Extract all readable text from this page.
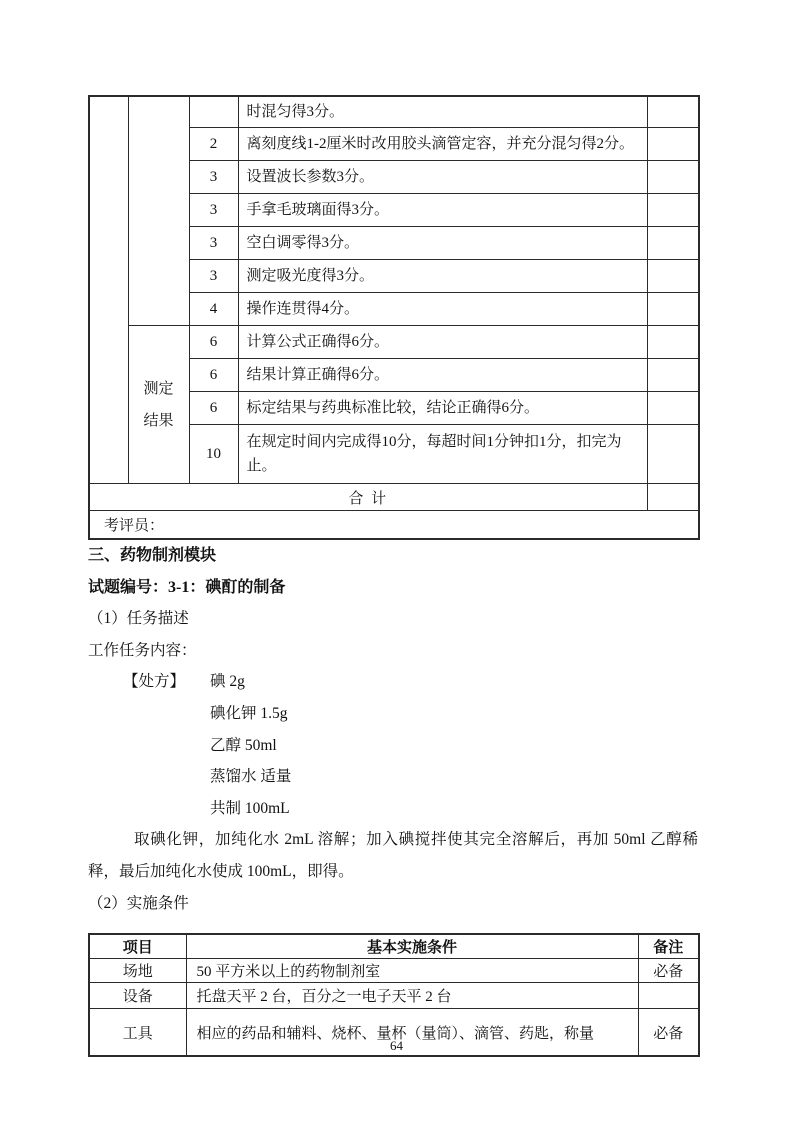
			时混匀得3分。	
		2	离刻度线1-2厘米时改用胶头滴管定容，并充分混匀得2分。	
		3	设置波长参数3分。	
		3	手拿毛玻璃面得3分。	
		3	空白调零得3分。	
		3	测定吸光度得3分。	
		4	操作连贯得4分。	
	测定结果	6	计算公式正确得6分。	
		6	结果计算正确得6分。	
		6	标定结果与药典标准比较，结论正确得6分。	
		10	在规定时间内完成得10分，每超时间1分钟扣1分，扣完为止。	
合 计				
考评员：				

三、药物制剂模块

试题编号：3-1：碘酊的制备

（1）任务描述

工作任务内容：

【处方】 碘 2g
碘化钾 1.5g
乙醇 50ml
蒸馏水 适量
共制 100mL

取碘化钾，加纯化水 2mL 溶解；加入碘搅拌使其完全溶解后，再加 50ml 乙醇稀释，最后加纯化水使成 100mL，即得。

（2）实施条件

项目	基本实施条件	备注
场地	50 平方米以上的药物制剂室	必备
设备	托盘天平 2 台，百分之一电子天平 2 台	
工具	相应的药品和辅料、烧杯、量杯（量筒）、滴管、药匙，称量	必备
64
